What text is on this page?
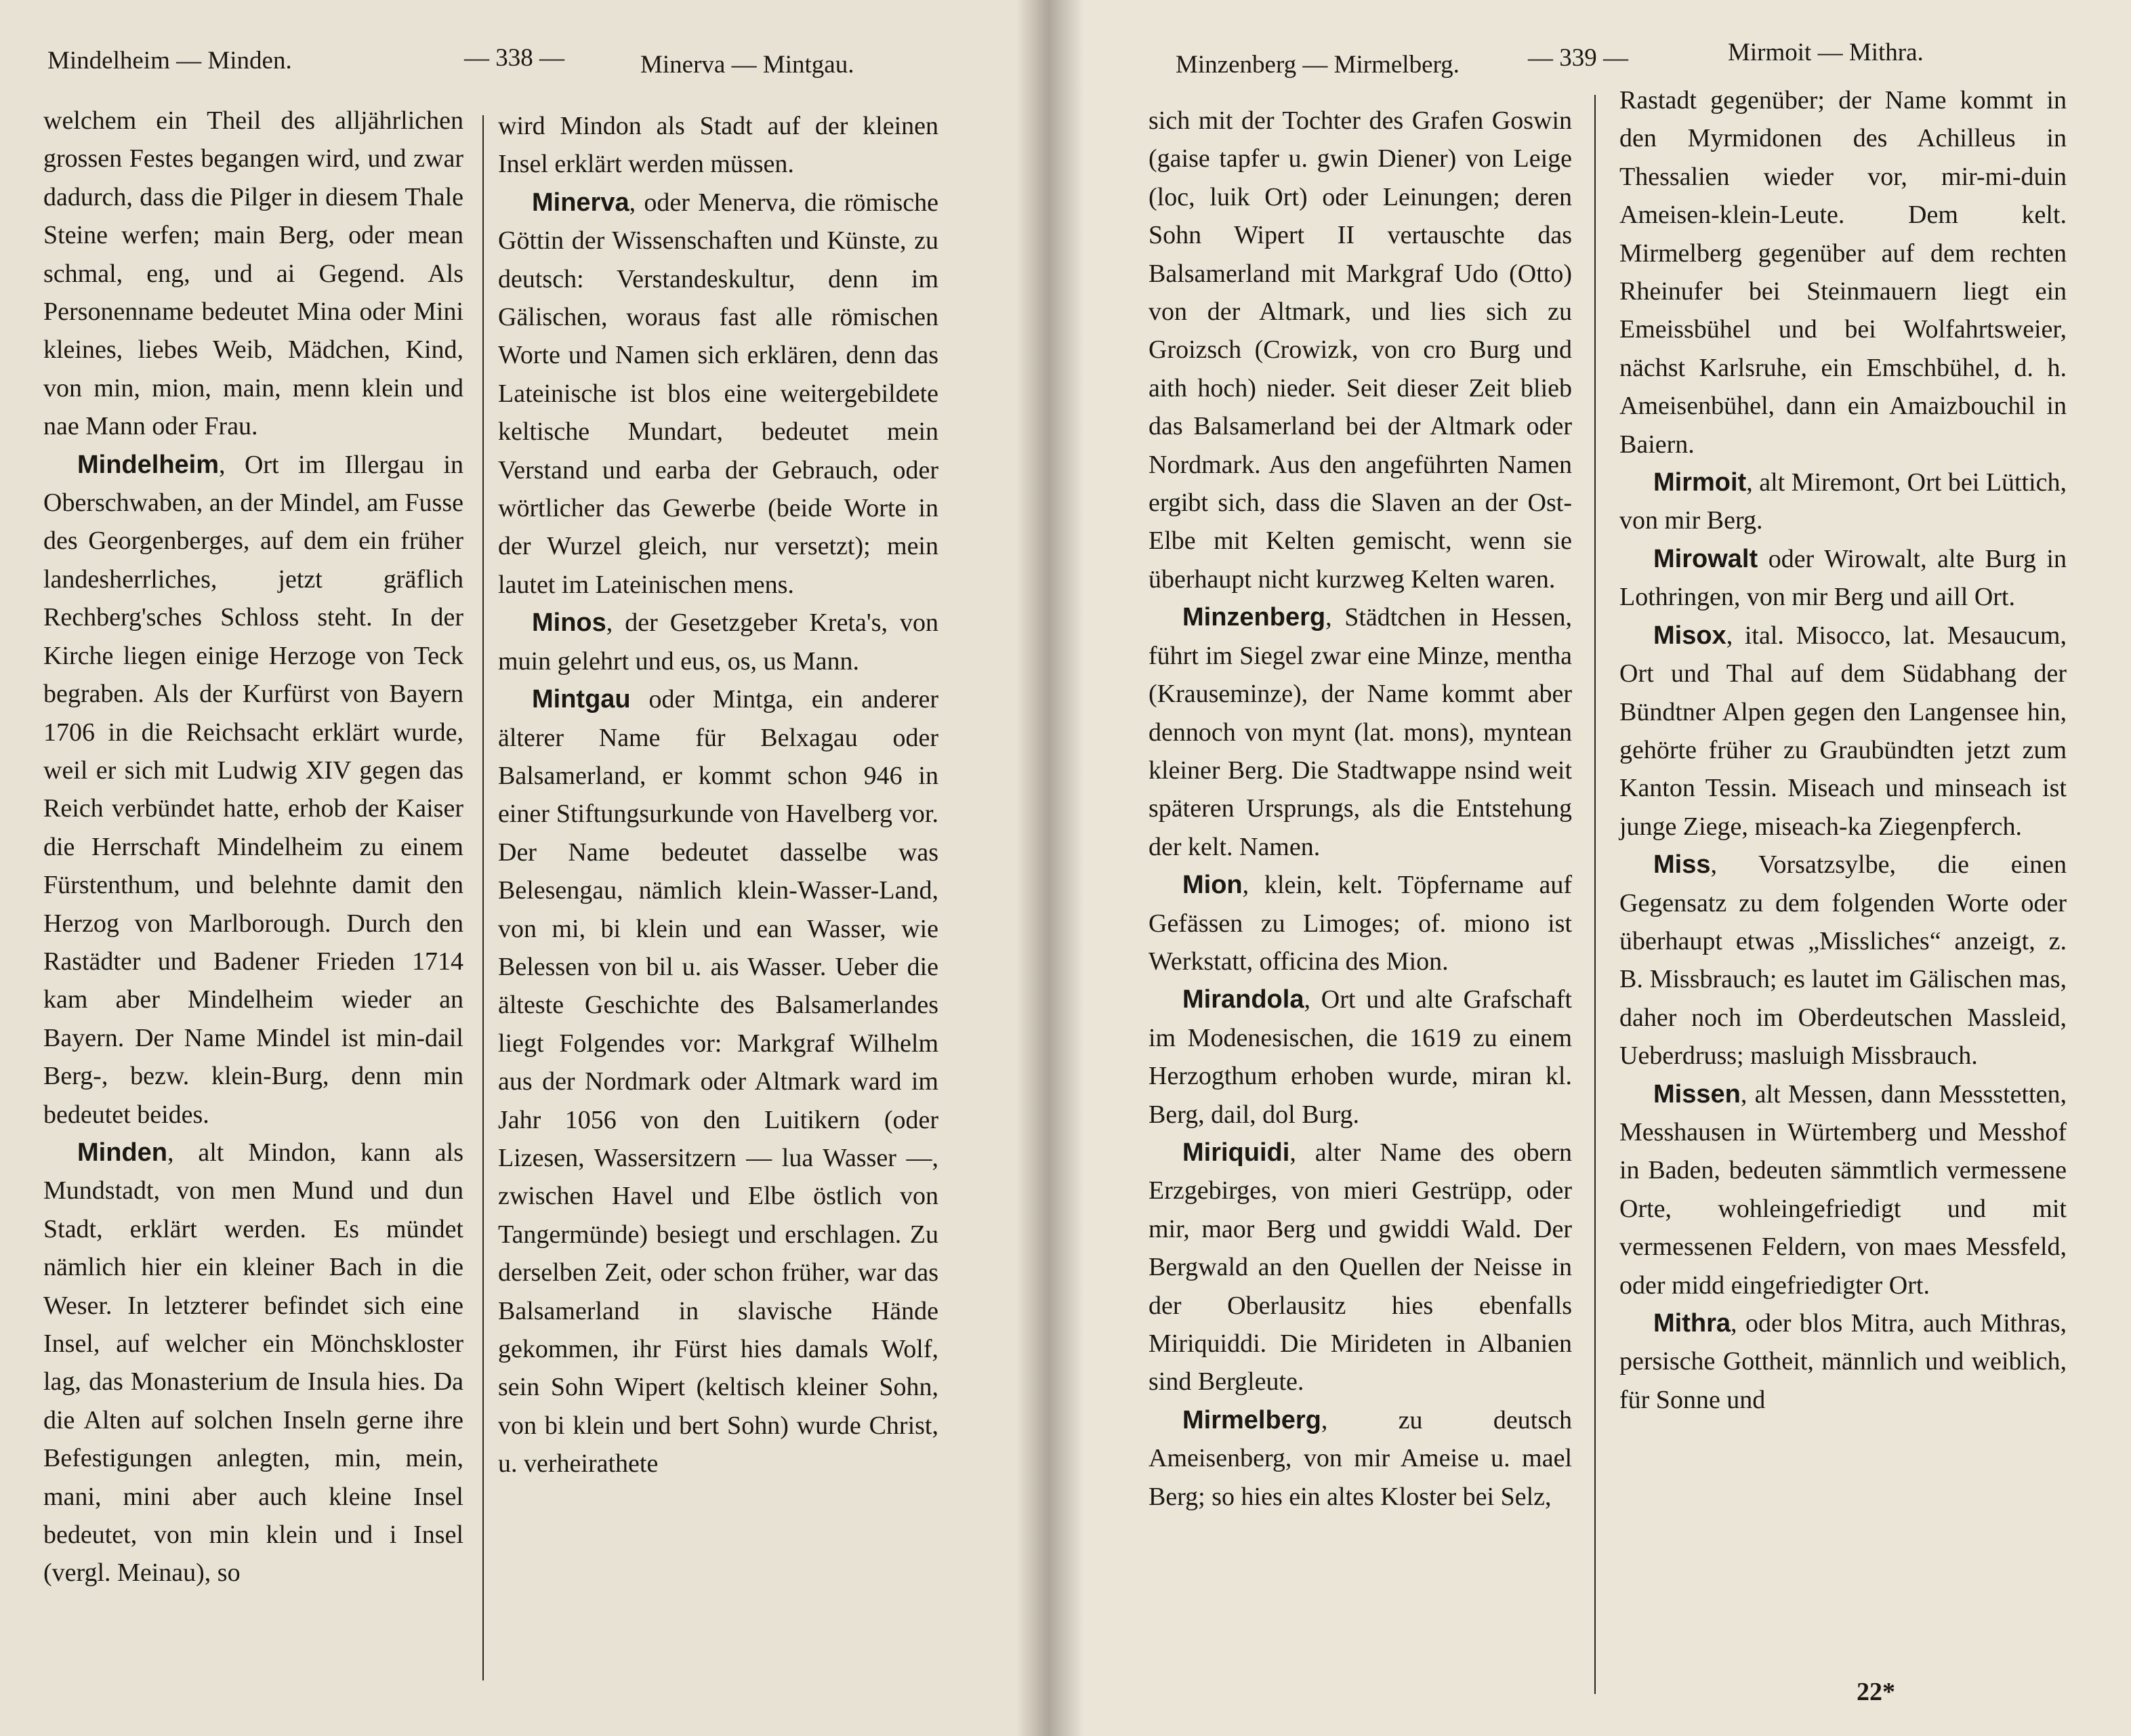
Mindelheim — Minden.	— 338 —	Minerva — Mintgau.

welchem ein Theil des alljährlichen grossen Festes begangen wird, und zwar dadurch, dass die Pilger in diesem Thale Steine werfen; main Berg, oder mean schmal, eng, und ai Gegend. Als Personenname bedeutet Mina oder Mini kleines, liebes Weib, Mädchen, Kind, von min, mion, main, menn klein und nae Mann oder Frau.

Mindelheim, Ort im Illergau in Oberschwaben, an der Mindel, am Fusse des Georgenberges, auf dem ein früher landesherrliches, jetzt gräflich Rechberg'sches Schloss steht. In der Kirche liegen einige Herzoge von Teck begraben. Als der Kurfürst von Bayern 1706 in die Reichsacht erklärt wurde, weil er sich mit Ludwig XIV gegen das Reich verbündet hatte, erhob der Kaiser die Herrschaft Mindelheim zu einem Fürstenthum, und belehnte damit den Herzog von Marlborough. Durch den Rastädter und Badener Frieden 1714 kam aber Mindelheim wieder an Bayern. Der Name Mindel ist min-dail Berg-, bezw. klein-Burg, denn min bedeutet beides.

Minden, alt Mindon, kann als Mundstadt, von men Mund und dun Stadt, erklärt werden. Es mündet nämlich hier ein kleiner Bach in die Weser. In letzterer befindet sich eine Insel, auf welcher ein Mönchskloster lag, das Monasterium de Insula hies. Da die Alten auf solchen Inseln gerne ihre Befestigungen anlegten, min, mein, mani, mini aber auch kleine Insel bedeutet, von min klein und i Insel (vergl. Meinau), so

wird Mindon als Stadt auf der kleinen Insel erklärt werden müssen.

Minerva, oder Menerva, die römische Göttin der Wissenschaften und Künste, zu deutsch: Verstandeskultur, denn im Gälischen, woraus fast alle römischen Worte und Namen sich erklären, denn das Lateinische ist blos eine weitergebildete keltische Mundart, bedeutet mein Verstand und earba der Gebrauch, oder wörtlicher das Gewerbe (beide Worte in der Wurzel gleich, nur versetzt); mein lautet im Lateinischen mens.

Minos, der Gesetzgeber Kreta's, von muin gelehrt und eus, os, us Mann.

Mintgau oder Mintga, ein anderer älterer Name für Belxagau oder Balsamerland, er kommt schon 946 in einer Stiftungsurkunde von Havelberg vor. Der Name bedeutet dasselbe was Belesengau, nämlich klein-Wasser-Land, von mi, bi klein und ean Wasser, wie Belessen von bil u. ais Wasser. Ueber die älteste Geschichte des Balsamerlandes liegt Folgendes vor: Markgraf Wilhelm aus der Nordmark oder Altmark ward im Jahr 1056 von den Luitikern (oder Lizesen, Wassersitzern — lua Wasser —, zwischen Havel und Elbe östlich von Tangermünde) besiegt und erschlagen. Zu derselben Zeit, oder schon früher, war das Balsamerland in slavische Hände gekommen, ihr Fürst hies damals Wolf, sein Sohn Wipert (keltisch kleiner Sohn, von bi klein und bert Sohn) wurde Christ, u. verheirathete

Minzenberg — Mirmelberg.	— 339 —	Mirmoit — Mithra.

sich mit der Tochter des Grafen Goswin (gaise tapfer u. gwin Diener) von Leige (loc, luik Ort) oder Leinungen; deren Sohn Wipert II vertauschte das Balsamerland mit Markgraf Udo (Otto) von der Altmark, und lies sich zu Groizsch (Crowizk, von cro Burg und aith hoch) nieder. Seit dieser Zeit blieb das Balsamerland bei der Altmark oder Nordmark. Aus den angeführten Namen ergibt sich, dass die Slaven an der Ost-Elbe mit Kelten gemischt, wenn sie überhaupt nicht kurzweg Kelten waren.

Minzenberg, Städtchen in Hessen, führt im Siegel zwar eine Minze, mentha (Krauseminze), der Name kommt aber dennoch von mynt (lat. mons), myntean kleiner Berg. Die Stadtwappe nsind weit späteren Ursprungs, als die Entstehung der kelt. Namen.

Mion, klein, kelt. Töpfername auf Gefässen zu Limoges; of. miono ist Werkstatt, officina des Mion.

Mirandola, Ort und alte Grafschaft im Modenesischen, die 1619 zu einem Herzogthum erhoben wurde, miran kl. Berg, dail, dol Burg.

Miriquidi, alter Name des obern Erzgebirges, von mieri Gestrüpp, oder mir, maor Berg und gwiddi Wald. Der Bergwald an den Quellen der Neisse in der Oberlausitz hies ebenfalls Miriquiddi. Die Mirideten in Albanien sind Bergleute.

Mirmelberg, zu deutsch Ameisenberg, von mir Ameise u. mael Berg; so hies ein altes Kloster bei Selz,

Rastadt gegenüber; der Name kommt in den Myrmidonen des Achilleus in Thessalien wieder vor, mir-mi-duin Ameisen-klein-Leute. Dem kelt. Mirmelberg gegenüber auf dem rechten Rheinufer bei Steinmauern liegt ein Emeissbühel und bei Wolfahrtsweier, nächst Karlsruhe, ein Emschbühel, d. h. Ameisenbühel, dann ein Amaizbouchil in Baiern.

Mirmoit, alt Miremont, Ort bei Lüttich, von mir Berg.

Mirowalt oder Wirowalt, alte Burg in Lothringen, von mir Berg und aill Ort.

Misox, ital. Misocco, lat. Mesaucum, Ort und Thal auf dem Südabhang der Bündtner Alpen gegen den Langensee hin, gehörte früher zu Graubündten jetzt zum Kanton Tessin. Miseach und minseach ist junge Ziege, miseach-ka Ziegenpferch.

Miss, Vorsatzsylbe, die einen Gegensatz zu dem folgenden Worte oder überhaupt etwas „Missliches“ anzeigt, z. B. Missbrauch; es lautet im Gälischen mas, daher noch im Oberdeutschen Massleid, Ueberdruss; masluigh Missbrauch.

Missen, alt Messen, dann Messstetten, Messhausen in Würtemberg und Messhof in Baden, bedeuten sämmtlich vermessene Orte, wohleingefriedigt und mit vermessenen Feldern, von maes Messfeld, oder midd eingefriedigter Ort.

Mithra, oder blos Mitra, auch Mithras, persische Gottheit, männlich und weiblich, für Sonne und

22*
